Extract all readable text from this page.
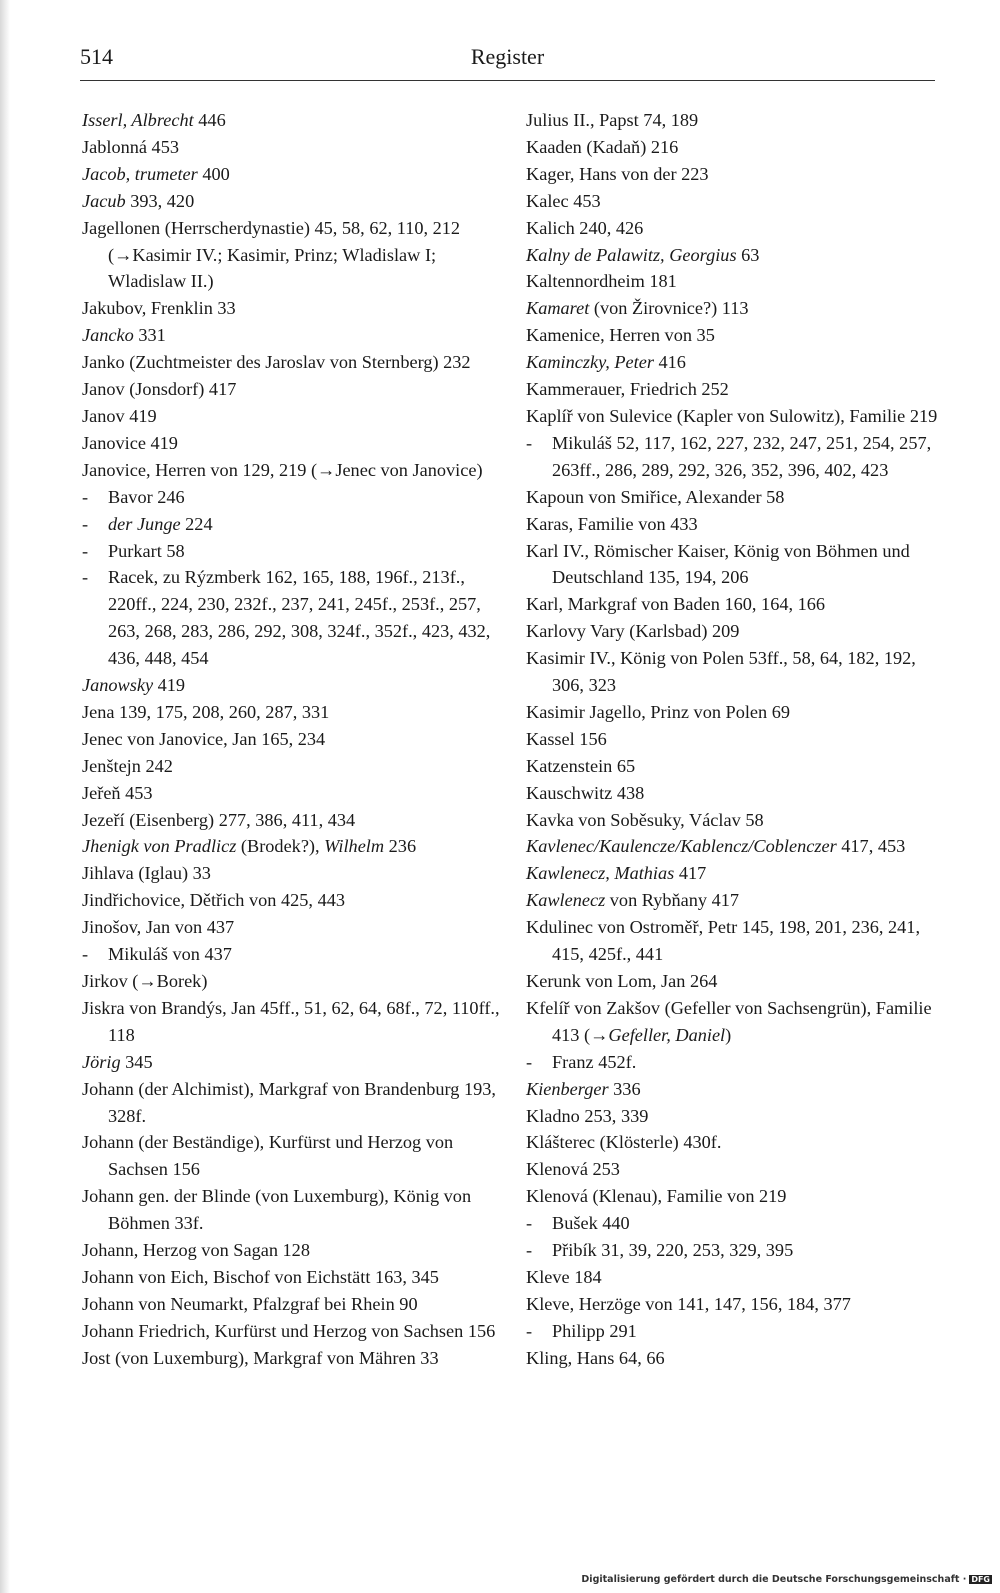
514	Register

Isserl, Albrecht 446

Jablonná 453

Jacob, trumeter 400

Jacub 393, 420

Jagellonen (Herrscherdynastie) 45, 58, 62, 110, 212 (→Kasimir IV.; Kasimir, Prinz; Wladislaw I; Wladislaw II.)

Jakubov, Frenklin 33

Jancko 331

Janko (Zuchtmeister des Jaroslav von Sternberg) 232

Janov (Jonsdorf) 417

Janov 419

Janovice 419

Janovice, Herren von 129, 219 (→Jenec von Janovice)

- Bavor 246

- der Junge 224

- Purkart 58

- Racek, zu Rýzmberk 162, 165, 188, 196f., 213f., 220ff., 224, 230, 232f., 237, 241, 245f., 253f., 257, 263, 268, 283, 286, 292, 308, 324f., 352f., 423, 432, 436, 448, 454

Janowsky 419

Jena 139, 175, 208, 260, 287, 331

Jenec von Janovice, Jan 165, 234

Jenštejn 242

Jeřeň 453

Jezeří (Eisenberg) 277, 386, 411, 434

Jhenigk von Pradlicz (Brodek?), Wilhelm 236

Jihlava (Iglau) 33

Jindřichovice, Dětřich von 425, 443

Jinošov, Jan von 437

- Mikuláš von 437

Jirkov (→Borek)

Jiskra von Brandýs, Jan 45ff., 51, 62, 64, 68f., 72, 110ff., 118

Jörig 345

Johann (der Alchimist), Markgraf von Brandenburg 193, 328f.

Johann (der Beständige), Kurfürst und Herzog von Sachsen 156

Johann gen. der Blinde (von Luxemburg), König von Böhmen 33f.

Johann, Herzog von Sagan 128

Johann von Eich, Bischof von Eichstätt 163, 345

Johann von Neumarkt, Pfalzgraf bei Rhein 90

Johann Friedrich, Kurfürst und Herzog von Sachsen 156

Jost (von Luxemburg), Markgraf von Mähren 33

Julius II., Papst 74, 189

Kaaden (Kadaň) 216

Kager, Hans von der 223

Kalec 453

Kalich 240, 426

Kalny de Palawitz, Georgius 63

Kaltennordheim 181

Kamaret (von Žirovnice?) 113

Kamenice, Herren von 35

Kaminczky, Peter 416

Kammerauer, Friedrich 252

Kaplíř von Sulevice (Kapler von Sulowitz), Familie 219

- Mikuláš 52, 117, 162, 227, 232, 247, 251, 254, 257, 263ff., 286, 289, 292, 326, 352, 396, 402, 423

Kapoun von Smiřice, Alexander 58

Karas, Familie von 433

Karl IV., Römischer Kaiser, König von Böhmen und Deutschland 135, 194, 206

Karl, Markgraf von Baden 160, 164, 166

Karlovy Vary (Karlsbad) 209

Kasimir IV., König von Polen 53ff., 58, 64, 182, 192, 306, 323

Kasimir Jagello, Prinz von Polen 69

Kassel 156

Katzenstein 65

Kauschwitz 438

Kavka von Soběsuky, Václav 58

Kavlenec/Kaulencze/Kablencz/Coblenczer 417, 453

Kawlenecz, Mathias 417

Kawlenecz von Rybňany 417

Kdulinec von Ostroměř, Petr 145, 198, 201, 236, 241, 415, 425f., 441

Kerunk von Lom, Jan 264

Kfelíř von Zakšov (Gefeller von Sachsengrün), Familie 413 (→Gefeller, Daniel)

- Franz 452f.

Kienberger 336

Kladno 253, 339

Klášterec (Klösterle) 430f.

Klenová 253

Klenová (Klenau), Familie von 219

- Bušek 440

- Přibík 31, 39, 220, 253, 329, 395

Kleve 184

Kleve, Herzöge von 141, 147, 156, 184, 377

- Philipp 291

Kling, Hans 64, 66

Digitalisierung gefördert durch die Deutsche Forschungsgemeinschaft · DFG
